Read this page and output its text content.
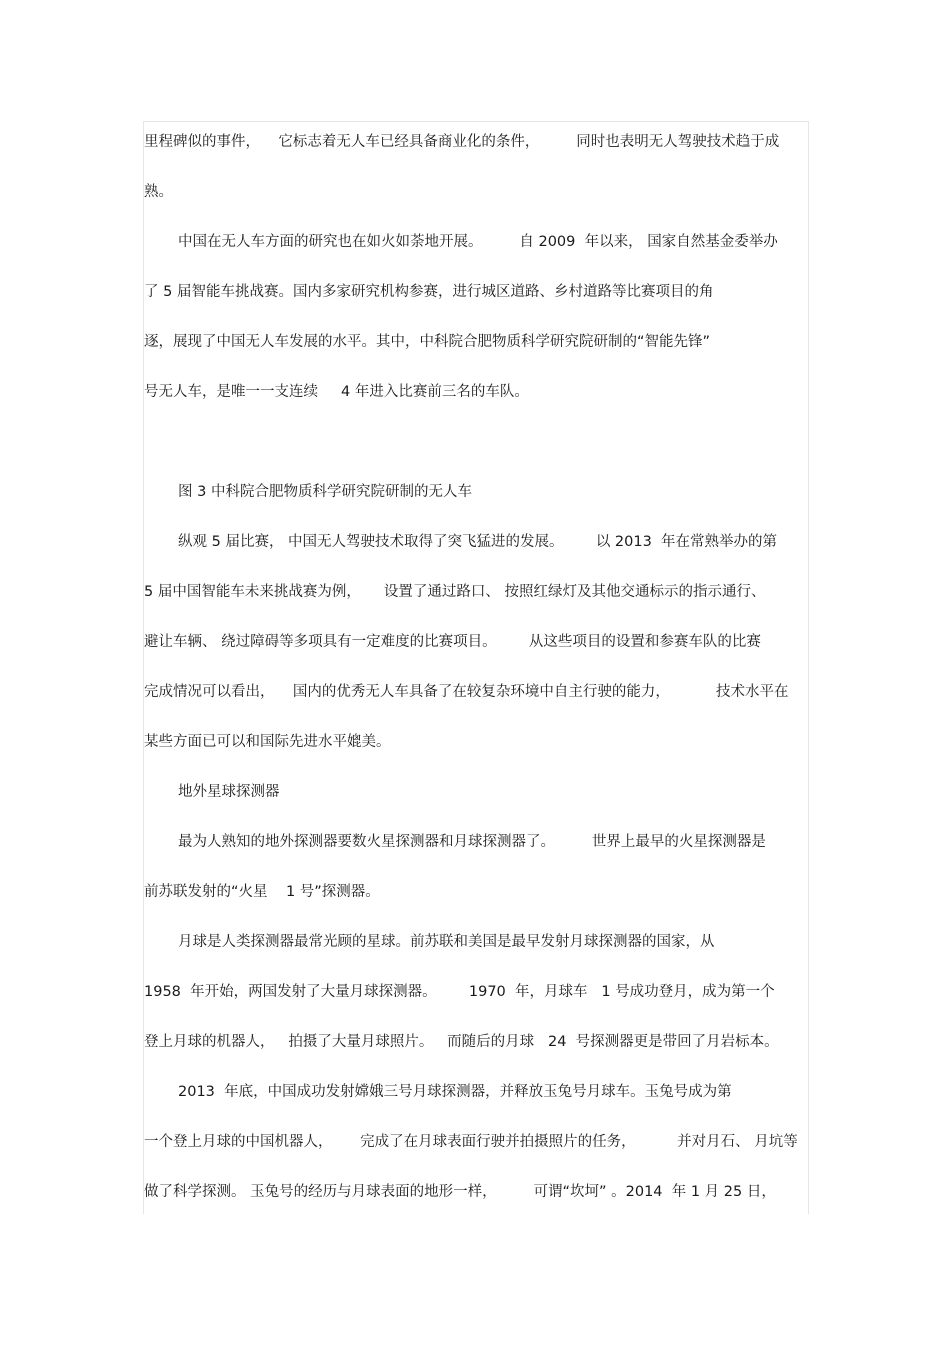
里程碑似的事件，    它标志着无人车已经具备商业化的条件，        同时也表明无人驾驶技术趋于成
熟。
中国在无人车方面的研究也在如火如荼地开展。        自 2009  年以来， 国家自然基金委举办
了 5 届智能车挑战赛。国内多家研究机构参赛，进行城区道路、乡村道路等比赛项目的角
逐，展现了中国无人车发展的水平。其中，中科院合肥物质科学研究院研制的“智能先锋”
号无人车，是唯一一支连续     4 年进入比赛前三名的车队。
图 3 中科院合肥物质科学研究院研制的无人车
纵观 5 届比赛， 中国无人驾驶技术取得了突飞猛进的发展。       以 2013  年在常熟举办的第
5 届中国智能车未来挑战赛为例，     设置了通过路口、 按照红绿灯及其他交通标示的指示通行、
避让车辆、 绕过障碍等多项具有一定难度的比赛项目。       从这些项目的设置和参赛车队的比赛
完成情况可以看出，    国内的优秀无人车具备了在较复杂环境中自主行驶的能力，          技术水平在
某些方面已可以和国际先进水平媲美。
地外星球探测器
最为人熟知的地外探测器要数火星探测器和月球探测器了。        世界上最早的火星探测器是
前苏联发射的“火星    1 号”探测器。
月球是人类探测器最常光顾的星球。前苏联和美国是最早发射月球探测器的国家，从
1958  年开始，两国发射了大量月球探测器。       1970  年，月球车   1 号成功登月，成为第一个
登上月球的机器人，   拍摄了大量月球照片。   而随后的月球   24  号探测器更是带回了月岩标本。
2013  年底，中国成功发射嫦娥三号月球探测器，并释放玉兔号月球车。玉兔号成为第
一个登上月球的中国机器人，      完成了在月球表面行驶并拍摄照片的任务，         并对月石、 月坑等
做了科学探测。 玉兔号的经历与月球表面的地形一样，        可谓“坎坷” 。2014  年 1 月 25 日，
